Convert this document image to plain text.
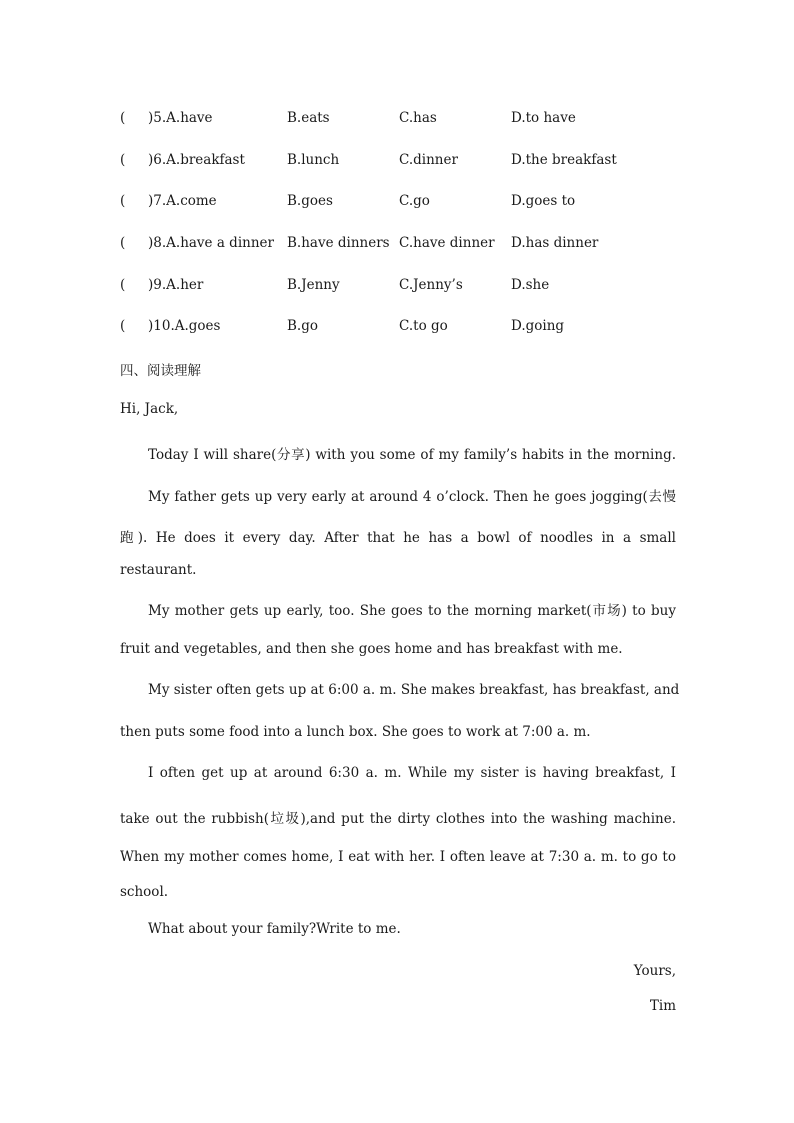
( )5.A.have	B.eats	C.has	D.to have
( )6.A.breakfast	B.lunch	C.dinner	D.the breakfast
( )7.A.come	B.goes	C.go	D.goes to
( )8.A.have a dinner B.have dinners C.have dinner D.has dinner
( )9.A.her	B.Jenny	C.Jenny’s	D.she
( )10.A.goes	B.go	C.to go	D.going
四、阅读理解
Hi, Jack,
Today I will share(分享) with you some of my family’s habits in the morning.
My father gets up very early at around 4 o’clock. Then he goes jogging(去慢
跑). He does it every day. After that he has a bowl of noodles in a small
restaurant.
My mother gets up early, too. She goes to the morning market(市场) to buy
fruit and vegetables, and then she goes home and has breakfast with me.
My sister often gets up at 6:00 a. m. She makes breakfast, has breakfast, and
then puts some food into a lunch box. She goes to work at 7:00 a. m.
I often get up at around 6:30 a. m. While my sister is having breakfast, I
take out the rubbish(垃圾),and put the dirty clothes into the washing machine.
When my mother comes home, I eat with her. I often leave at 7:30 a. m. to go to
school.
What about your family?Write to me.
Yours,
Tim
